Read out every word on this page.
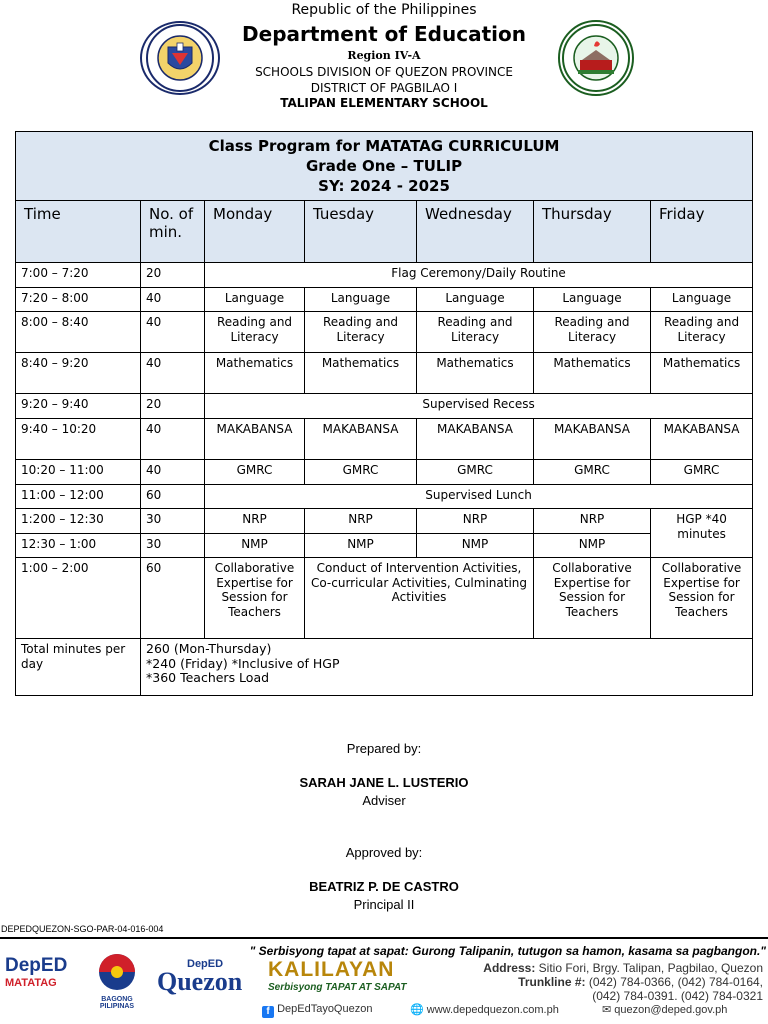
Republic of the Philippines
Department of Education
Region IV-A
SCHOOLS DIVISION OF QUEZON PROVINCE
DISTRICT OF PAGBILAO I
TALIPAN ELEMENTARY SCHOOL
Class Program for MATATAG CURRICULUM
Grade One – TULIP
SY: 2024 - 2025						

Time	No. of min.	Monday	Tuesday	Wednesday	Thursday	Friday
7:00 – 7:20	20	Flag Ceremony/Daily Routine				
7:20 – 8:00	40	Language	Language	Language	Language	Language
8:00 – 8:40	40	Reading and Literacy	Reading and Literacy	Reading and Literacy	Reading and Literacy	Reading and Literacy
8:40 – 9:20	40	Mathematics	Mathematics	Mathematics	Mathematics	Mathematics
9:20 – 9:40	20	Supervised Recess				
9:40 – 10:20	40	MAKABANSA	MAKABANSA	MAKABANSA	MAKABANSA	MAKABANSA
10:20 – 11:00	40	GMRC	GMRC	GMRC	GMRC	GMRC
11:00 – 12:00	60	Supervised Lunch				
1:200 – 12:30	30	NRP	NRP	NRP	NRP	HGP *40 minutes
12:30 – 1:00	30	NMP	NMP	NMP	NMP	
1:00 – 2:00	60	Collaborative Expertise for Session for Teachers	Conduct of Intervention Activities, Co-curricular Activities, Culminating Activities		Collaborative Expertise for Session for Teachers	Collaborative Expertise for Session for Teachers
Total minutes per day	260 (Mon-Thursday)
*240 (Friday) *Inclusive of HGP
*360 Teachers Load					
Prepared by:
SARAH JANE L. LUSTERIO
Adviser
Approved by:
BEATRIZ P. DE CASTRO
Principal II
DEPEDQUEZON-SGO-PAR-04-016-004
" Serbisyong tapat at sapat: Gurong Talipanin, tutugon sa hamon, kasama sa pagbangon."
DepED
MATATAG
BAGONG PILIPINAS
DepED
Quezon KALILAYAN
Serbisyong TAPAT AT SAPAT
Address: Sitio Fori, Brgy. Talipan, Pagbilao, Quezon
Trunkline #: (042) 784-0366, (042) 784-0164,
(042) 784-0391. (042) 784-0321
f DepEdTayoQuezon	🌐 www.depedquezon.com.ph	✉ quezon@deped.gov.ph
